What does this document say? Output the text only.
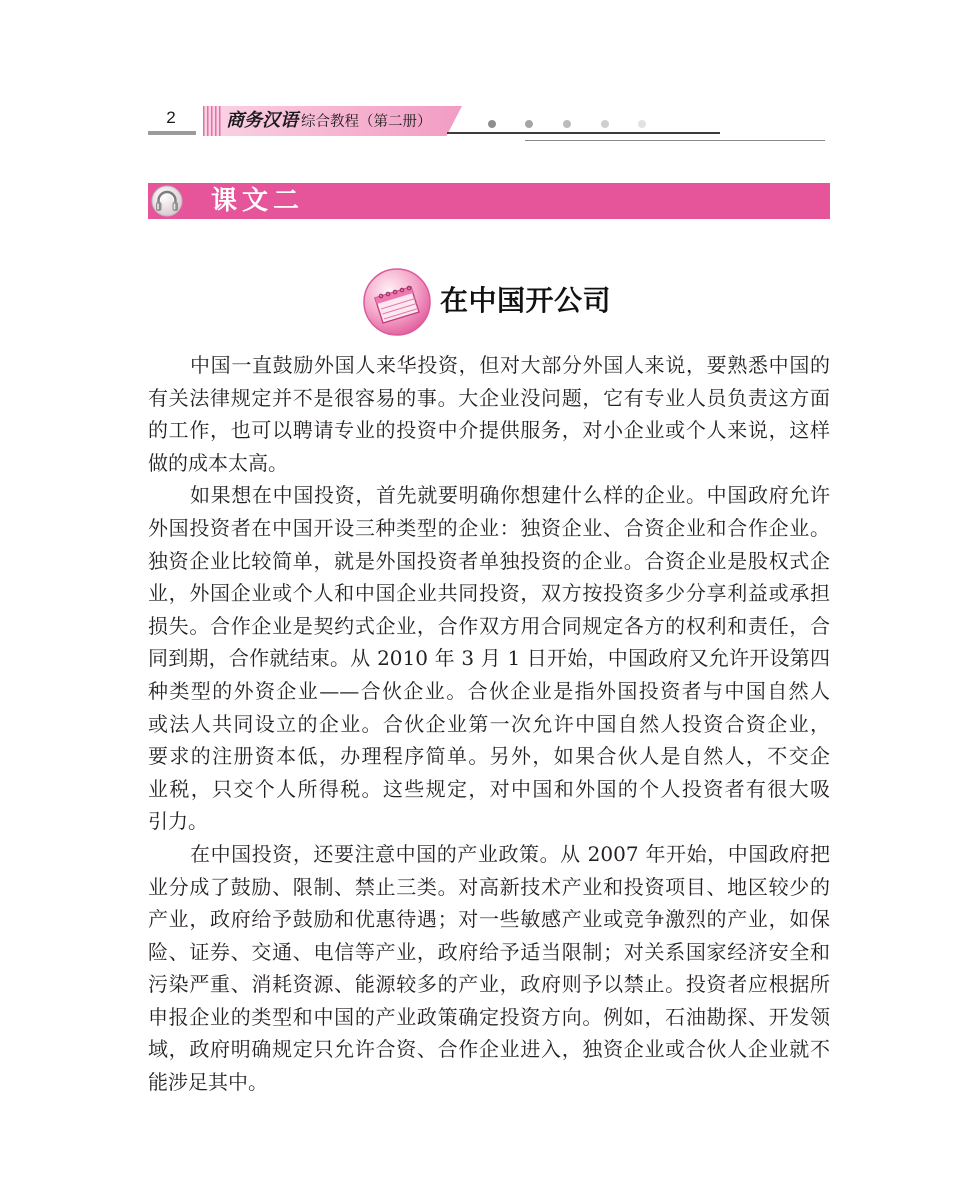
2	商务汉语 综合教程（第二册）
课文二
在中国开公司
中国一直鼓励外国人来华投资，但对大部分外国人来说，要熟悉中国的
有关法律规定并不是很容易的事。大企业没问题，它有专业人员负责这方面
的工作，也可以聘请专业的投资中介提供服务，对小企业或个人来说，这样
做的成本太高。
如果想在中国投资，首先就要明确你想建什么样的企业。中国政府允许
外国投资者在中国开设三种类型的企业：独资企业、合资企业和合作企业。
独资企业比较简单，就是外国投资者单独投资的企业。合资企业是股权式企
业，外国企业或个人和中国企业共同投资，双方按投资多少分享利益或承担
损失。合作企业是契约式企业，合作双方用合同规定各方的权利和责任，合
同到期，合作就结束。从 2010 年 3 月 1 日开始，中国政府又允许开设第四
种类型的外资企业——合伙企业。合伙企业是指外国投资者与中国自然人
或法人共同设立的企业。合伙企业第一次允许中国自然人投资合资企业，
要求的注册资本低，办理程序简单。另外，如果合伙人是自然人，不交企
业税，只交个人所得税。这些规定，对中国和外国的个人投资者有很大吸
引力。
在中国投资，还要注意中国的产业政策。从 2007 年开始，中国政府把
业分成了鼓励、限制、禁止三类。对高新技术产业和投资项目、地区较少的
产业，政府给予鼓励和优惠待遇；对一些敏感产业或竞争激烈的产业，如保
险、证券、交通、电信等产业，政府给予适当限制；对关系国家经济安全和
污染严重、消耗资源、能源较多的产业，政府则予以禁止。投资者应根据所
申报企业的类型和中国的产业政策确定投资方向。例如，石油勘探、开发领
域，政府明确规定只允许合资、合作企业进入，独资企业或合伙人企业就不
能涉足其中。
